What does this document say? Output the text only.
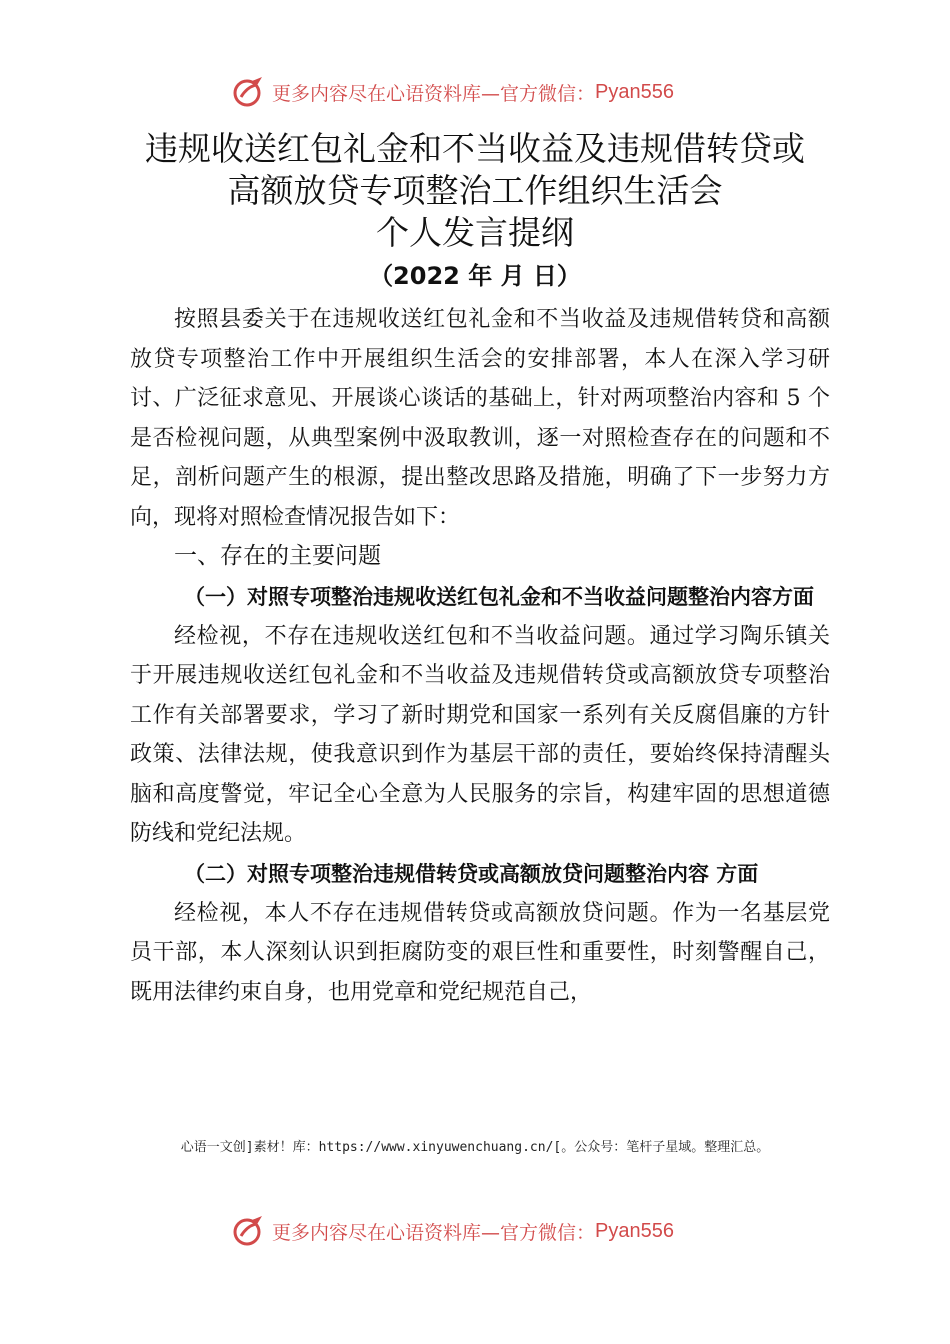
更多内容尽在心语资料库—官方微信： Pyan556
违规收送红包礼金和不当收益及违规借转贷或
高额放贷专项整治工作组织生活会
个人发言提纲
（2022 年 月 日）

按照县委关于在违规收送红包礼金和不当收益及违规借转贷和高额放贷专项整治工作中开展组织生活会的安排部署，本人在深入学习研讨、广泛征求意见、开展谈心谈话的基础上，针对两项整治内容和 5 个是否检视问题，从典型案例中汲取教训，逐一对照检查存在的问题和不足，剖析问题产生的根源，提出整改思路及措施，明确了下一步努力方向，现将对照检查情况报告如下：

一、存在的主要问题

（一）对照专项整治违规收送红包礼金和不当收益问题整治内容方面

经检视，不存在违规收送红包和不当收益问题。通过学习陶乐镇关于开展违规收送红包礼金和不当收益及违规借转贷或高额放贷专项整治工作有关部署要求，学习了新时期党和国家一系列有关反腐倡廉的方针政策、法律法规，使我意识到作为基层干部的责任，要始终保持清醒头脑和高度警觉，牢记全心全意为人民服务的宗旨，构建牢固的思想道德防线和党纪法规。

（二）对照专项整治违规借转贷或高额放贷问题整治内容 方面

经检视，本人不存在违规借转贷或高额放贷问题。作为一名基层党员干部，本人深刻认识到拒腐防变的艰巨性和重要性，时刻警醒自己，既用法律约束自身，也用党章和党纪规范自己，

心语一文创]素材！库：https://www.xinyuwenchuang.cn/[。公众号：笔杆子星域。整理汇总。
更多内容尽在心语资料库—官方微信： Pyan556
